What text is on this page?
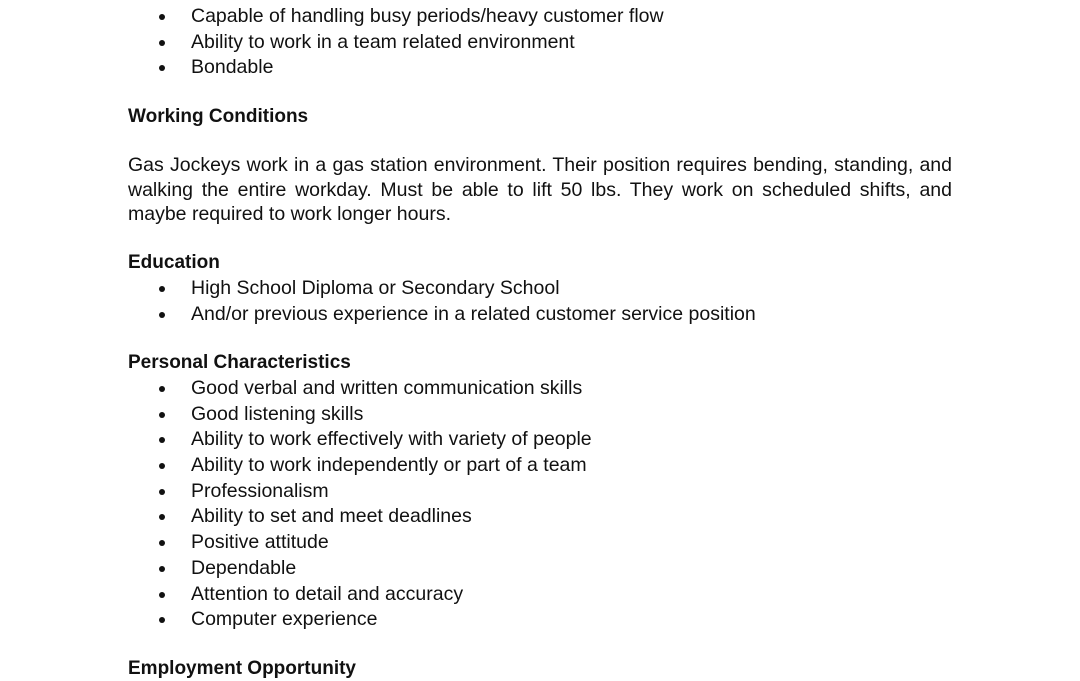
Capable of handling busy periods/heavy customer flow
Ability to work in a team related environment
Bondable
Working Conditions

Gas Jockeys work in a gas station environment. Their position requires bending, standing, and walking the entire workday. Must be able to lift 50 lbs. They work on scheduled shifts, and maybe required to work longer hours.

Education
High School Diploma or Secondary School
And/or previous experience in a related customer service position
Personal Characteristics
Good verbal and written communication skills
Good listening skills
Ability to work effectively with variety of people
Ability to work independently or part of a team
Professionalism
Ability to set and meet deadlines
Positive attitude
Dependable
Attention to detail and accuracy
Computer experience
Employment Opportunity
